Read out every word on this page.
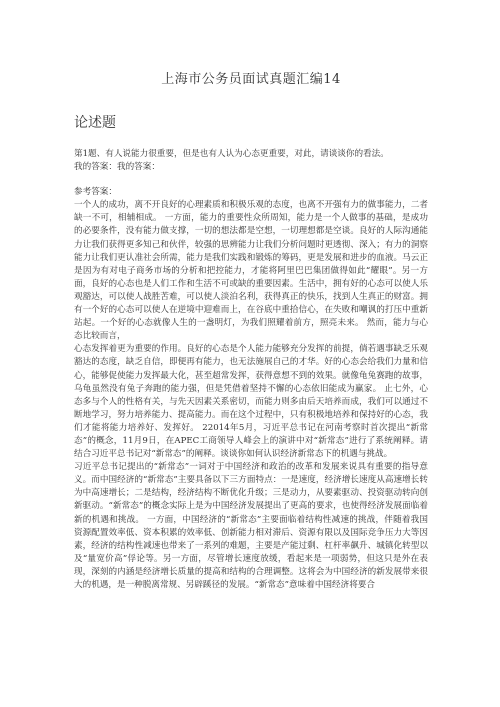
上海市公务员面试真题汇编14
论述题

第1题、有人说能力很重要，但是也有人认为心态更重要，对此，请谈谈你的看法。

我的答案：我的答案：

参考答案：

一个人的成功，离不开良好的心理素质和积极乐观的态度，也离不开强有力的做事能力，二者缺一不可，相辅相成。 一方面，能力的重要性众所周知，能力是一个人做事的基础，是成功的必要条件，没有能力做支撑，一切的想法都是空想，一切理想都是空谈。良好的人际沟通能力让我们获得更多知己和伙伴，较强的思辨能力让我们分析问题时更透彻、深入；有力的洞察能力让我们更认准社会所需，能力是我们实践和锻炼的筹码，更是发展和进步的血液。马云正是因为有对电子商务市场的分析和把控能力，才能将阿里巴巴集团做得如此“耀眼”。另一方面，良好的心态也是人们工作和生活不可或缺的重要因素。生活中，拥有好的心态可以使人乐观豁达，可以使人战胜苦难，可以使人淡泊名利，获得真正的快乐，找到人生真正的财富。拥有一个好的心态可以使人在逆境中迎难而上，在谷底中重拾信心，在失败和嘲讽的打压中重新站起。一个好的心态就像人生的一盏明灯，为我们照耀着前方，照亮未来。 然而，能力与心态比较而言，

心态发挥着更为重要的作用。良好的心态是个人能力能够充分发挥的前提，倘若遇事缺乏乐观豁达的态度，缺乏自信，即便再有能力，也无法施展自己的才华。好的心态会给我们力量和信心，能够促使能力发挥最大化，甚至超常发挥，获得意想不到的效果。就像龟兔赛跑的故事，乌龟虽然没有兔子奔跑的能力强，但是凭借着坚持不懈的心态依旧能成为赢家。 止七外，心态多与个人的性格有关，与先天因素关系密切，而能力则多由后天培养而成，我们可以通过不断地学习，努力培养能力、提高能力。而在这个过程中，只有积极地培养和保持好的心态，我们才能将能力培养好、发挥好。 22014年5月，习近平总书记在河南考察时首次提出“新常态”的概念，11月9日，在APEC工商领导人峰会上的演讲中对“新常态”进行了系统阐释。请结合习近平总书记对“新常态”的阐释。谈谈你如何认识经济新常态下的机遇与挑战。

习近平总书记提出的“新常态”一词对于中国经济和政治的改革和发展来说具有重要的指导意义。而中国经济的“新常态”主要具备以下三方面特点：一是速度，经济增长速度从高速增长转为中高速增长；二是结构，经济结构不断优化升级；三是动力，从要素驱动、投资驱动转向创新驱动。“新常态”的概念实际上是为中国经济发展提出了更高的要求，也使得经济发展面临着新的机遇和挑战。 一方面，中国经济的“新常态”主要面临着结构性减速的挑战，伴随着我国资源配置效率低、资本积累的效率低、创新能力相对滞后、资源有限以及国际竞争压力大等因素，经济的结构性减速也带来了一系列的难题，主要是产能过剩、杠杆率飙升、城镇化转型以及“量宽价高”俘论等。另一方面，尽管增长速度放缓，看起来是一项弱势，但这只是外在表现，深刻的内涵是经济增长质量的提高和结构的合理调整。这将会为中国经济的新发展带来很大的机遇，是一种脱离常规、另辟蹊径的发展。“新常态”意味着中国经济将要合
